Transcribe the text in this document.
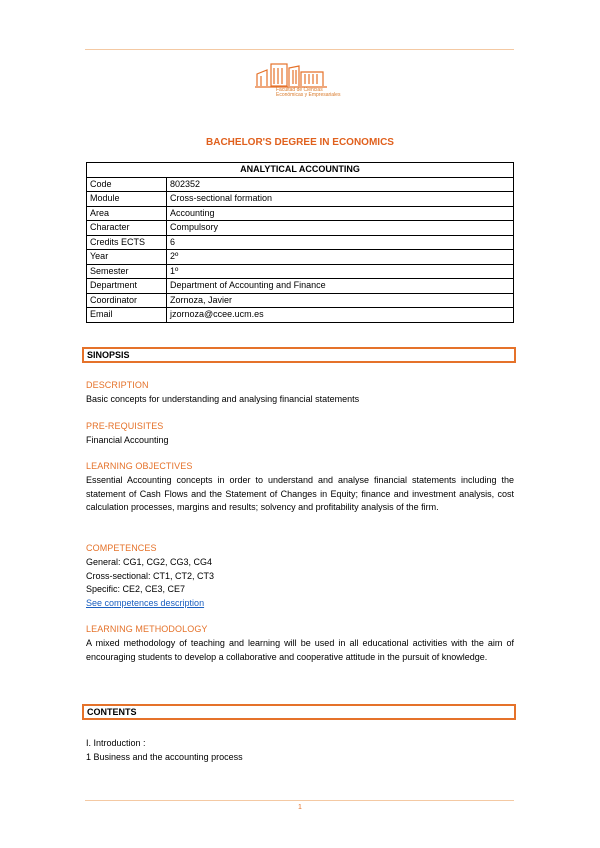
Facultad de Ciencias
Económicas y Empresariales
BACHELOR'S DEGREE IN ECONOMICS
ANALYTICAL ACCOUNTING	
Code	802352
Module	Cross-sectional formation
Area	Accounting
Character	Compulsory
Credits ECTS	6
Year	2º
Semester	1º
Department	Department of Accounting and Finance
Coordinator	Zornoza, Javier
Email	jzornoza@ccee.ucm.es
SINOPSIS
DESCRIPTION
Basic concepts for understanding and analysing financial statements
PRE-REQUISITES
Financial Accounting
LEARNING OBJECTIVES
Essential Accounting concepts in order to understand and analyse financial statements including the statement of Cash Flows and the Statement of Changes in Equity; finance and investment analysis, cost calculation processes, margins and results; solvency and profitability analysis of the firm.
COMPETENCES
General: CG1, CG2, CG3, CG4
Cross-sectional: CT1, CT2, CT3
Specific: CE2, CE3, CE7
See competences description
LEARNING METHODOLOGY
A mixed methodology of teaching and learning will be used in all educational activities with the aim of encouraging students to develop a collaborative and cooperative attitude in the pursuit of knowledge.
CONTENTS
I. Introduction :
1 Business and the accounting process
1
